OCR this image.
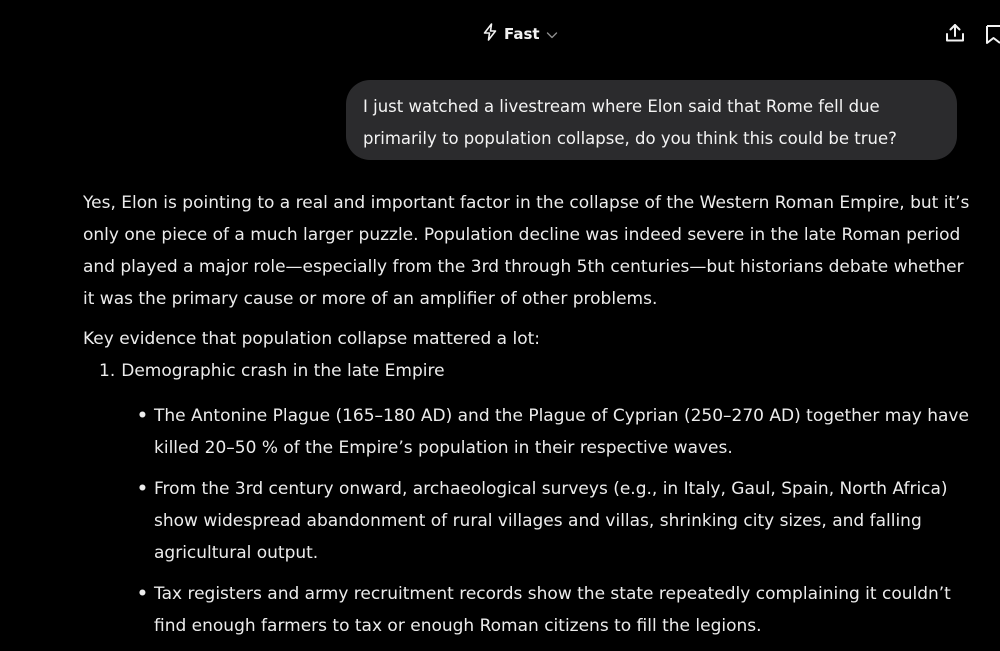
Fast
I just watched a livestream where Elon said that Rome fell due primarily to population collapse, do you think this could be true?

Yes, Elon is pointing to a real and important factor in the collapse of the Western Roman Empire, but it’s only one piece of a much larger puzzle. Population decline was indeed severe in the late Roman period and played a major role—especially from the 3rd through 5th centuries—but historians debate whether it was the primary cause or more of an amplifier of other problems.

Key evidence that population collapse mattered a lot:

1. Demographic crash in the late Empire
• The Antonine Plague (165–180 AD) and the Plague of Cyprian (250–270 AD) together may have killed 20–50 % of the Empire’s population in their respective waves.
• From the 3rd century onward, archaeological surveys (e.g., in Italy, Gaul, Spain, North Africa) show widespread abandonment of rural villages and villas, shrinking city sizes, and falling agricultural output.
• Tax registers and army recruitment records show the state repeatedly complaining it couldn’t find enough farmers to tax or enough Roman citizens to fill the legions.
